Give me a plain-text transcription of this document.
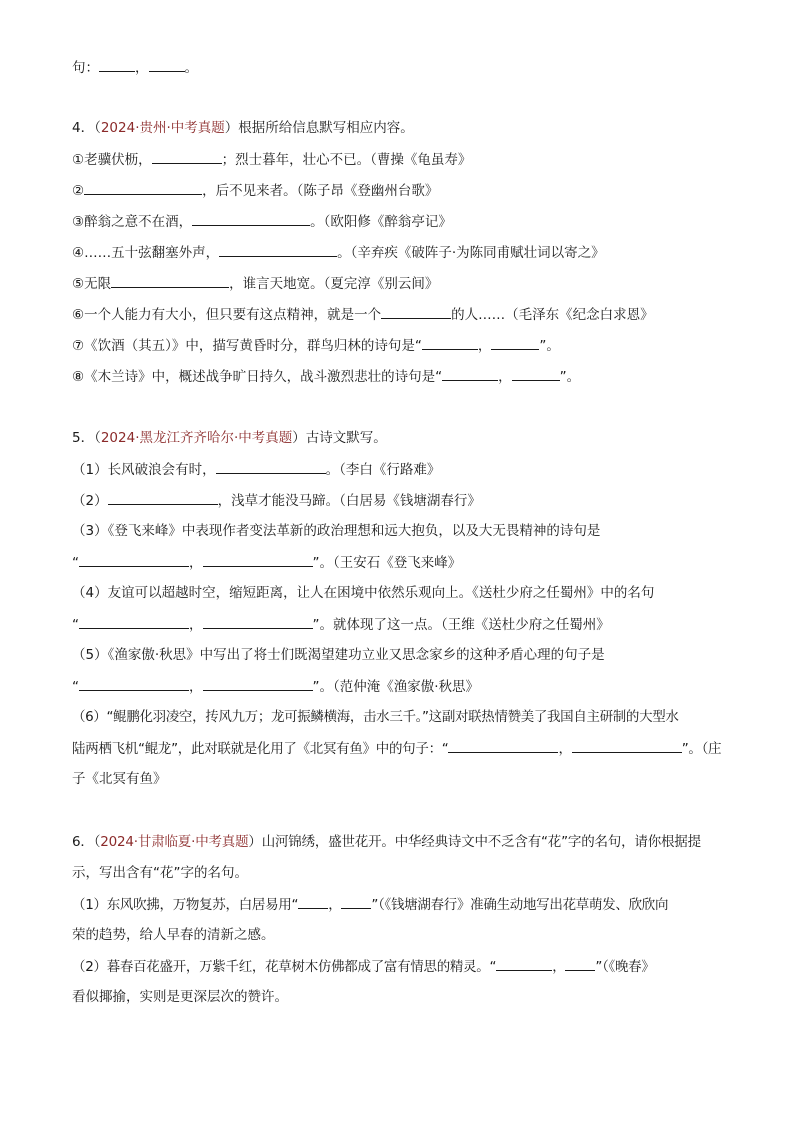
句：	，	。
4．（2024·贵州·中考真题）根据所给信息默写相应内容。
①老骥伏枥，	；烈士暮年，壮心不已。（曹操《龟虽寿》
②	，后不见来者。（陈子昂《登幽州台歌》
③醉翁之意不在酒，	。（欧阳修《醉翁亭记》
④……五十弦翻塞外声，	。（辛弃疾《破阵子·为陈同甫赋壮词以寄之》
⑤无限	，谁言天地宽。（夏完淳《别云间》
⑥一个人能力有大小，但只要有这点精神，就是一个	的人……（毛泽东《纪念白求恩》
⑦《饮酒（其五）》中，描写黄昏时分，群鸟归林的诗句是“	，	”。
⑧《木兰诗》中，概述战争旷日持久，战斗激烈悲壮的诗句是“	，	”。
5．（2024·黑龙江齐齐哈尔·中考真题）古诗文默写。
（1）长风破浪会有时，	。（李白《行路难》
（2）	，浅草才能没马蹄。（白居易《钱塘湖春行》
（3）《登飞来峰》中表现作者变法革新的政治理想和远大抱负，以及大无畏精神的诗句是
“	，	”。（王安石《登飞来峰》
（4）友谊可以超越时空，缩短距离，让人在困境中依然乐观向上。《送杜少府之任蜀州》中的名句
“	，	”。就体现了这一点。（王维《送杜少府之任蜀州》
（5）《渔家傲·秋思》中写出了将士们既渴望建功立业又思念家乡的这种矛盾心理的句子是
“	，	”。（范仲淹《渔家傲·秋思》
（6）“鲲鹏化羽凌空，抟风九万；龙可振鳞横海，击水三千。”这副对联热情赞美了我国自主研制的大型水
陆两栖飞机“鲲龙”，此对联就是化用了《北冥有鱼》中的句子：“	，	”。（庄
子《北冥有鱼》
6．（2024·甘肃临夏·中考真题）山河锦绣，盛世花开。中华经典诗文中不乏含有“花”字的名句，请你根据提
示，写出含有“花”字的名句。
（1）东风吹拂，万物复苏，白居易用“ ， ”（《钱塘湖春行》准确生动地写出花草萌发、欣欣向
荣的趋势，给人早春的清新之感。
（2）暮春百花盛开，万紫千红，花草树木仿佛都成了富有情思的精灵。“	， ”（《晚春》
看似揶揄，实则是更深层次的赞许。
